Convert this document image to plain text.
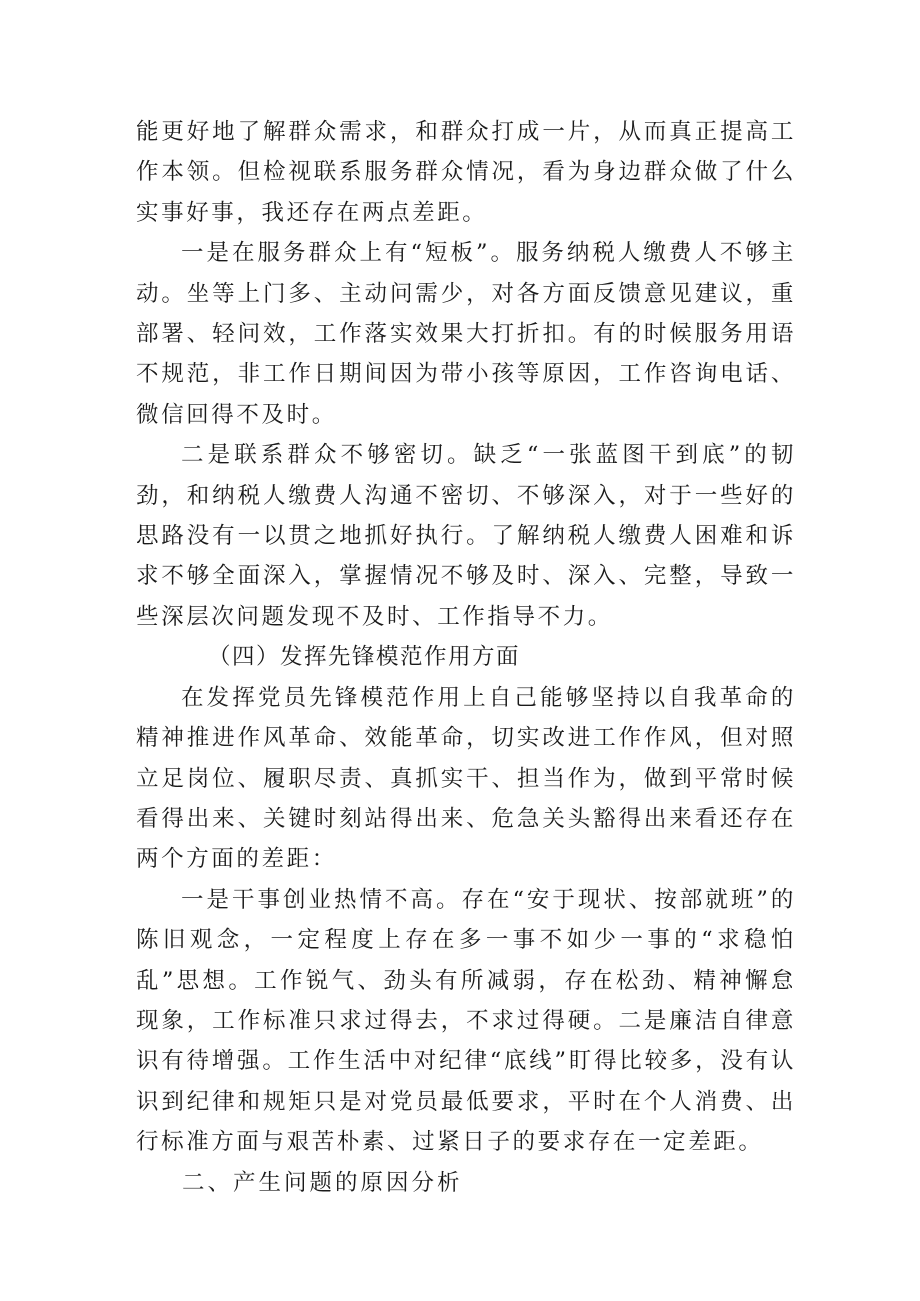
能更好地了解群众需求，和群众打成一片，从而真正提高工作本领。但检视联系服务群众情况，看为身边群众做了什么实事好事，我还存在两点差距。

一是在服务群众上有“短板”。服务纳税人缴费人不够主动。坐等上门多、主动问需少，对各方面反馈意见建议，重部署、轻问效，工作落实效果大打折扣。有的时候服务用语不规范，非工作日期间因为带小孩等原因，工作咨询电话、微信回得不及时。

二是联系群众不够密切。缺乏“一张蓝图干到底”的韧劲，和纳税人缴费人沟通不密切、不够深入，对于一些好的思路没有一以贯之地抓好执行。了解纳税人缴费人困难和诉求不够全面深入，掌握情况不够及时、深入、完整，导致一些深层次问题发现不及时、工作指导不力。

（四）发挥先锋模范作用方面

在发挥党员先锋模范作用上自己能够坚持以自我革命的精神推进作风革命、效能革命，切实改进工作作风，但对照立足岗位、履职尽责、真抓实干、担当作为，做到平常时候看得出来、关键时刻站得出来、危急关头豁得出来看还存在两个方面的差距：

一是干事创业热情不高。存在“安于现状、按部就班”的陈旧观念，一定程度上存在多一事不如少一事的“求稳怕乱”思想。工作锐气、劲头有所减弱，存在松劲、精神懈怠现象，工作标准只求过得去，不求过得硬。二是廉洁自律意识有待增强。工作生活中对纪律“底线”盯得比较多，没有认识到纪律和规矩只是对党员最低要求，平时在个人消费、出行标准方面与艰苦朴素、过紧日子的要求存在一定差距。

二、产生问题的原因分析
